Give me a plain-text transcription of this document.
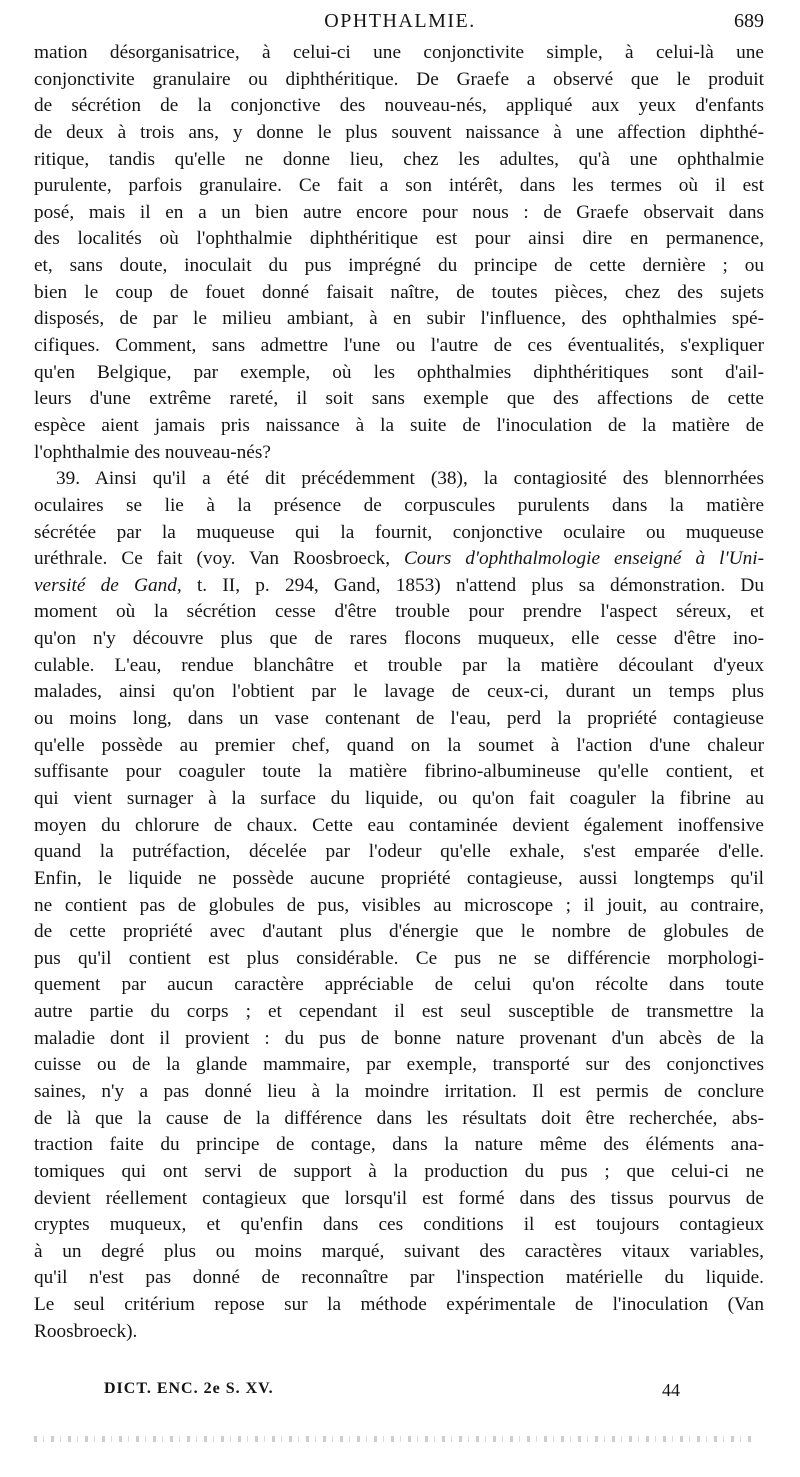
OPHTHALMIE.	689
mation désorganisatrice, à celui-ci une conjonctivite simple, à celui-là une
conjonctivite granulaire ou diphthéritique. De Graefe a observé que le produit
de sécrétion de la conjonctive des nouveau-nés, appliqué aux yeux d'enfants
de deux à trois ans, y donne le plus souvent naissance à une affection diphthé-
ritique, tandis qu'elle ne donne lieu, chez les adultes, qu'à une ophthalmie
purulente, parfois granulaire. Ce fait a son intérêt, dans les termes où il est
posé, mais il en a un bien autre encore pour nous : de Graefe observait dans
des localités où l'ophthalmie diphthéritique est pour ainsi dire en permanence,
et, sans doute, inoculait du pus imprégné du principe de cette dernière ; ou
bien le coup de fouet donné faisait naître, de toutes pièces, chez des sujets
disposés, de par le milieu ambiant, à en subir l'influence, des ophthalmies spé-
cifiques. Comment, sans admettre l'une ou l'autre de ces éventualités, s'expliquer
qu'en Belgique, par exemple, où les ophthalmies diphthéritiques sont d'ail-
leurs d'une extrême rareté, il soit sans exemple que des affections de cette
espèce aient jamais pris naissance à la suite de l'inoculation de la matière de
l'ophthalmie des nouveau-nés?
39. Ainsi qu'il a été dit précédemment (38), la contagiosité des blennorrhées
oculaires se lie à la présence de corpuscules purulents dans la matière
sécrétée par la muqueuse qui la fournit, conjonctive oculaire ou muqueuse
uréthrale. Ce fait (voy. Van Roosbroeck, Cours d'ophthalmologie enseigné à l'Uni-
versité de Gand, t. II, p. 294, Gand, 1853) n'attend plus sa démonstration. Du
moment où la sécrétion cesse d'être trouble pour prendre l'aspect séreux, et
qu'on n'y découvre plus que de rares flocons muqueux, elle cesse d'être ino-
culable. L'eau, rendue blanchâtre et trouble par la matière découlant d'yeux
malades, ainsi qu'on l'obtient par le lavage de ceux-ci, durant un temps plus
ou moins long, dans un vase contenant de l'eau, perd la propriété contagieuse
qu'elle possède au premier chef, quand on la soumet à l'action d'une chaleur
suffisante pour coaguler toute la matière fibrino-albumineuse qu'elle contient, et
qui vient surnager à la surface du liquide, ou qu'on fait coaguler la fibrine au
moyen du chlorure de chaux. Cette eau contaminée devient également inoffensive
quand la putréfaction, décelée par l'odeur qu'elle exhale, s'est emparée d'elle.
Enfin, le liquide ne possède aucune propriété contagieuse, aussi longtemps qu'il
ne contient pas de globules de pus, visibles au microscope ; il jouit, au contraire,
de cette propriété avec d'autant plus d'énergie que le nombre de globules de
pus qu'il contient est plus considérable. Ce pus ne se différencie morphologi-
quement par aucun caractère appréciable de celui qu'on récolte dans toute
autre partie du corps ; et cependant il est seul susceptible de transmettre la
maladie dont il provient : du pus de bonne nature provenant d'un abcès de la
cuisse ou de la glande mammaire, par exemple, transporté sur des conjonctives
saines, n'y a pas donné lieu à la moindre irritation. Il est permis de conclure
de là que la cause de la différence dans les résultats doit être recherchée, abs-
traction faite du principe de contage, dans la nature même des éléments ana-
tomiques qui ont servi de support à la production du pus ; que celui-ci ne
devient réellement contagieux que lorsqu'il est formé dans des tissus pourvus de
cryptes muqueux, et qu'enfin dans ces conditions il est toujours contagieux
à un degré plus ou moins marqué, suivant des caractères vitaux variables,
qu'il n'est pas donné de reconnaître par l'inspection matérielle du liquide.
Le seul critérium repose sur la méthode expérimentale de l'inoculation (Van
Roosbroeck).
DICT. ENC. 2e S. XV.	44
